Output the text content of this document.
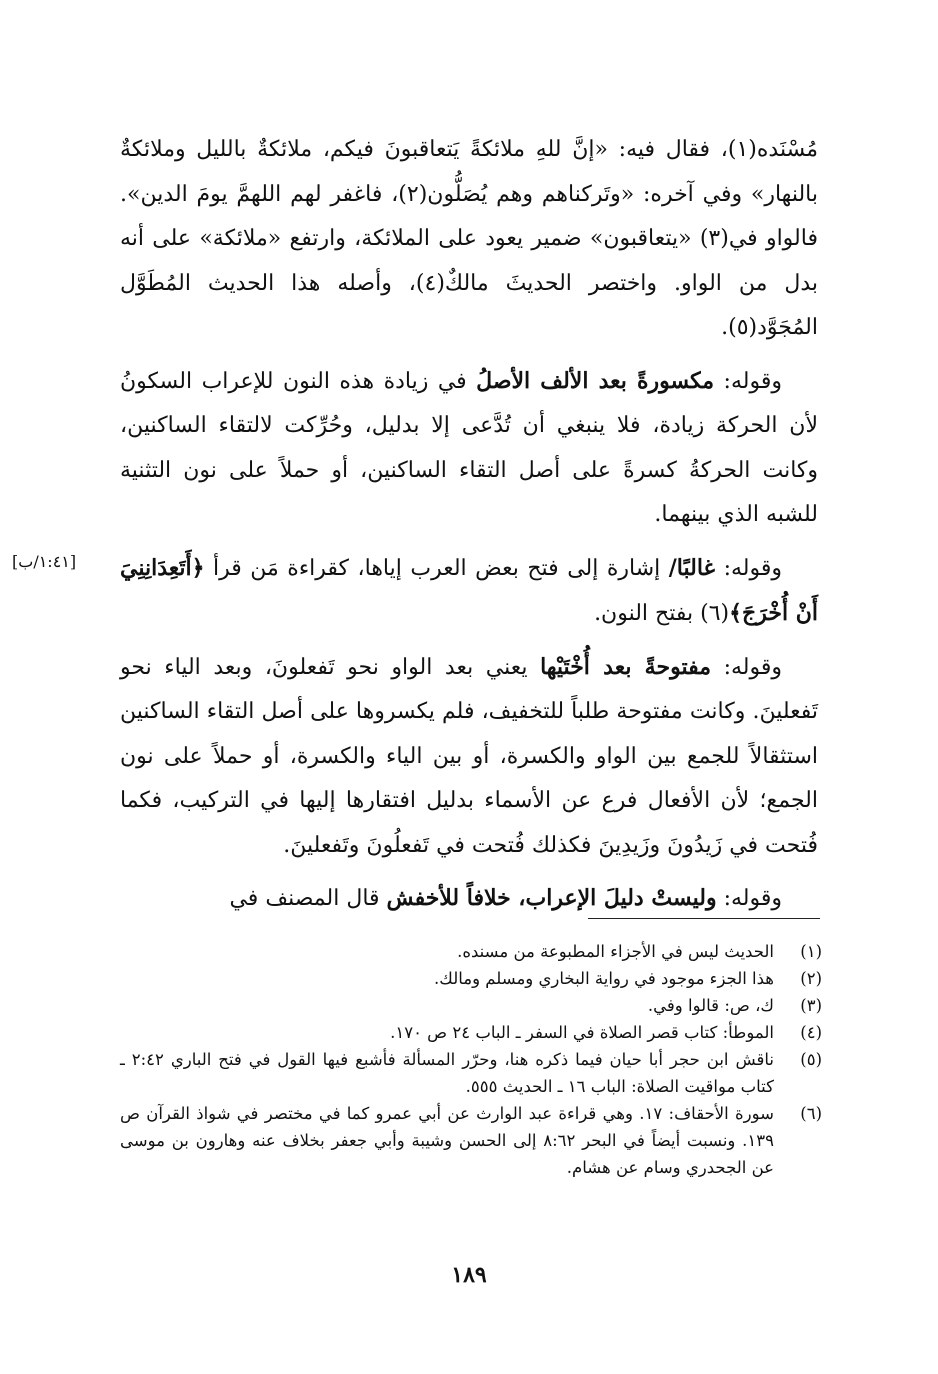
مُسْنَده(١)، فقال فيه: «إنَّ للهِ ملائكةً يَتعاقبونَ فيكم، ملائكةٌ بالليل وملائكةٌ بالنهار» وفي آخره: «وتَركناهم وهم يُصَلُّون(٢)، فاغفر لهم اللهمَّ يومَ الدين». فالواو في(٣) «يتعاقبون» ضمير يعود على الملائكة، وارتفع «ملائكة» على أنه بدل من الواو. واختصر الحديثَ مالكٌ(٤)، وأصله هذا الحديث المُطَوَّل المُجَوَّد(٥).

وقوله: مكسورةً بعد الألف الأصلُ في زيادة هذه النون للإعراب السكونُ لأن الحركة زيادة، فلا ينبغي أن تُدَّعى إلا بدليل، وحُرِّكت لالتقاء الساكنين، وكانت الحركةُ كسرةً على أصل التقاء الساكنين، أو حملاً على نون التثنية للشبه الذي بينهما.

وقوله: غالبًا/ إشارة إلى فتح بعض العرب إياها، كقراءة مَن قرأ ﴿أَتَعِدَانِنِيَ أَنْ أُخْرَجَ﴾(٦) بفتح النون.

وقوله: مفتوحةً بعد أُخْتَيْها يعني بعد الواو نحو تَفعلونَ، وبعد الياء نحو تَفعلينَ. وكانت مفتوحة طلباً للتخفيف، فلم يكسروها على أصل التقاء الساكنين استثقالاً للجمع بين الواو والكسرة، أو بين الياء والكسرة، أو حملاً على نون الجمع؛ لأن الأفعال فرع عن الأسماء بدليل افتقارها إليها في التركيب، فكما فُتحت في زَيدُونَ وزَيدِينَ فكذلك فُتحت في تَفعلُونَ وتَفعلينَ.

وقوله: وليستْ دليلَ الإعراب، خلافاً للأخفش قال المصنف في

[١:٤١/ب]
(١)
الحديث ليس في الأجزاء المطبوعة من مسنده.
(٢)
هذا الجزء موجود في رواية البخاري ومسلم ومالك.
(٣)
ك، ص: قالوا وفي.
(٤)
الموطأ: كتاب قصر الصلاة في السفر ـ الباب ٢٤ ص ١٧٠.
(٥)
ناقش ابن حجر أبا حيان فيما ذكره هنا، وحرّر المسألة فأشبع فيها القول في فتح الباري ٢:٤٢ ـ كتاب مواقيت الصلاة: الباب ١٦ ـ الحديث ٥٥٥.
(٦)
سورة الأحقاف: ١٧. وهي قراءة عبد الوارث عن أبي عمرو كما في مختصر في شواذ القرآن ص ١٣٩. ونسبت أيضاً في البحر ٨:٦٢ إلى الحسن وشيبة وأبي جعفر بخلاف عنه وهارون بن موسى عن الجحدري وسام عن هشام.
١٨٩
